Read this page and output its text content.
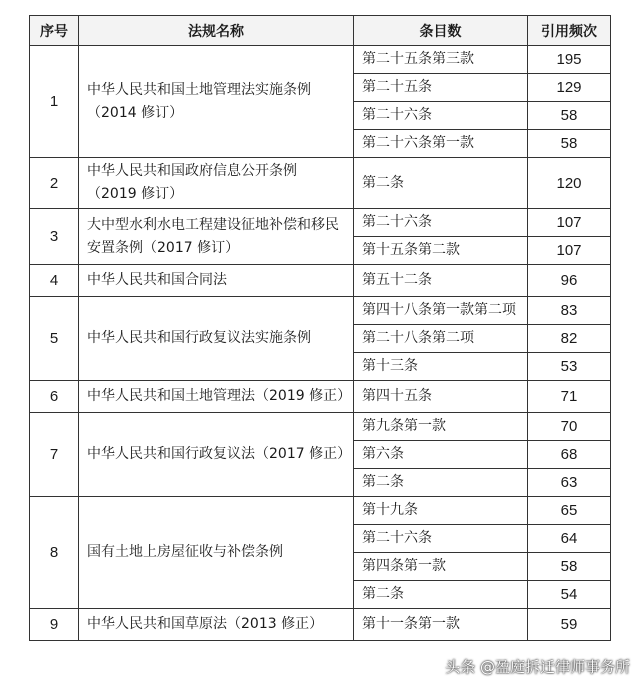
序号	法规名称	条目数	引用频次
1	中华人民共和国土地管理法实施条例（2014 修订）	第二十五条第三款	195
		第二十五条	129
		第二十六条	58
		第二十六条第一款	58
2	中华人民共和国政府信息公开条例（2019 修订）	第二条	120
3	大中型水利水电工程建设征地补偿和移民安置条例（2017 修订）	第二十六条	107
		第十五条第二款	107
4	中华人民共和国合同法	第五十二条	96
5	中华人民共和国行政复议法实施条例	第四十八条第一款第二项	83
		第二十八条第二项	82
		第十三条	53
6	中华人民共和国土地管理法（2019 修正）	第四十五条	71
7	中华人民共和国行政复议法（2017 修正）	第九条第一款	70
		第六条	68
		第二条	63
8	国有土地上房屋征收与补偿条例	第十九条	65
		第二十六条	64
		第四条第一款	58
		第二条	54
9	中华人民共和国草原法（2013 修正）	第十一条第一款	59
头条 @盈庭拆迁律师事务所
